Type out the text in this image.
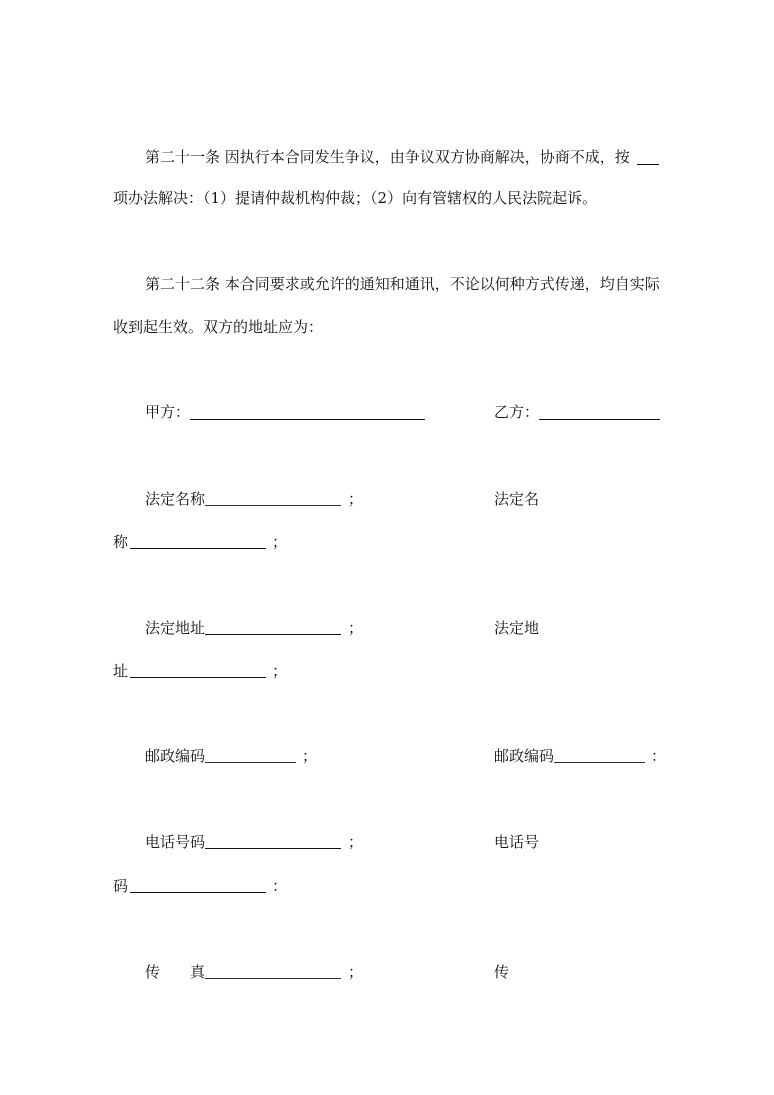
第二十一条 因执行本合同发生争议，由争议双方协商解决，协商不成，按
项办法解决：（1）提请仲裁机构仲裁；（2）向有管辖权的人民法院起诉。
第二十二条 本合同要求或允许的通知和通讯，不论以何种方式传递，均自实际
收到起生效。双方的地址应为：
甲方：	乙方：
法定名称	；	法定名
称	；
法定地址	；	法定地
址	；
邮政编码	；	邮政编码	：
电话号码	；	电话号
码	：
传 真	；	传
